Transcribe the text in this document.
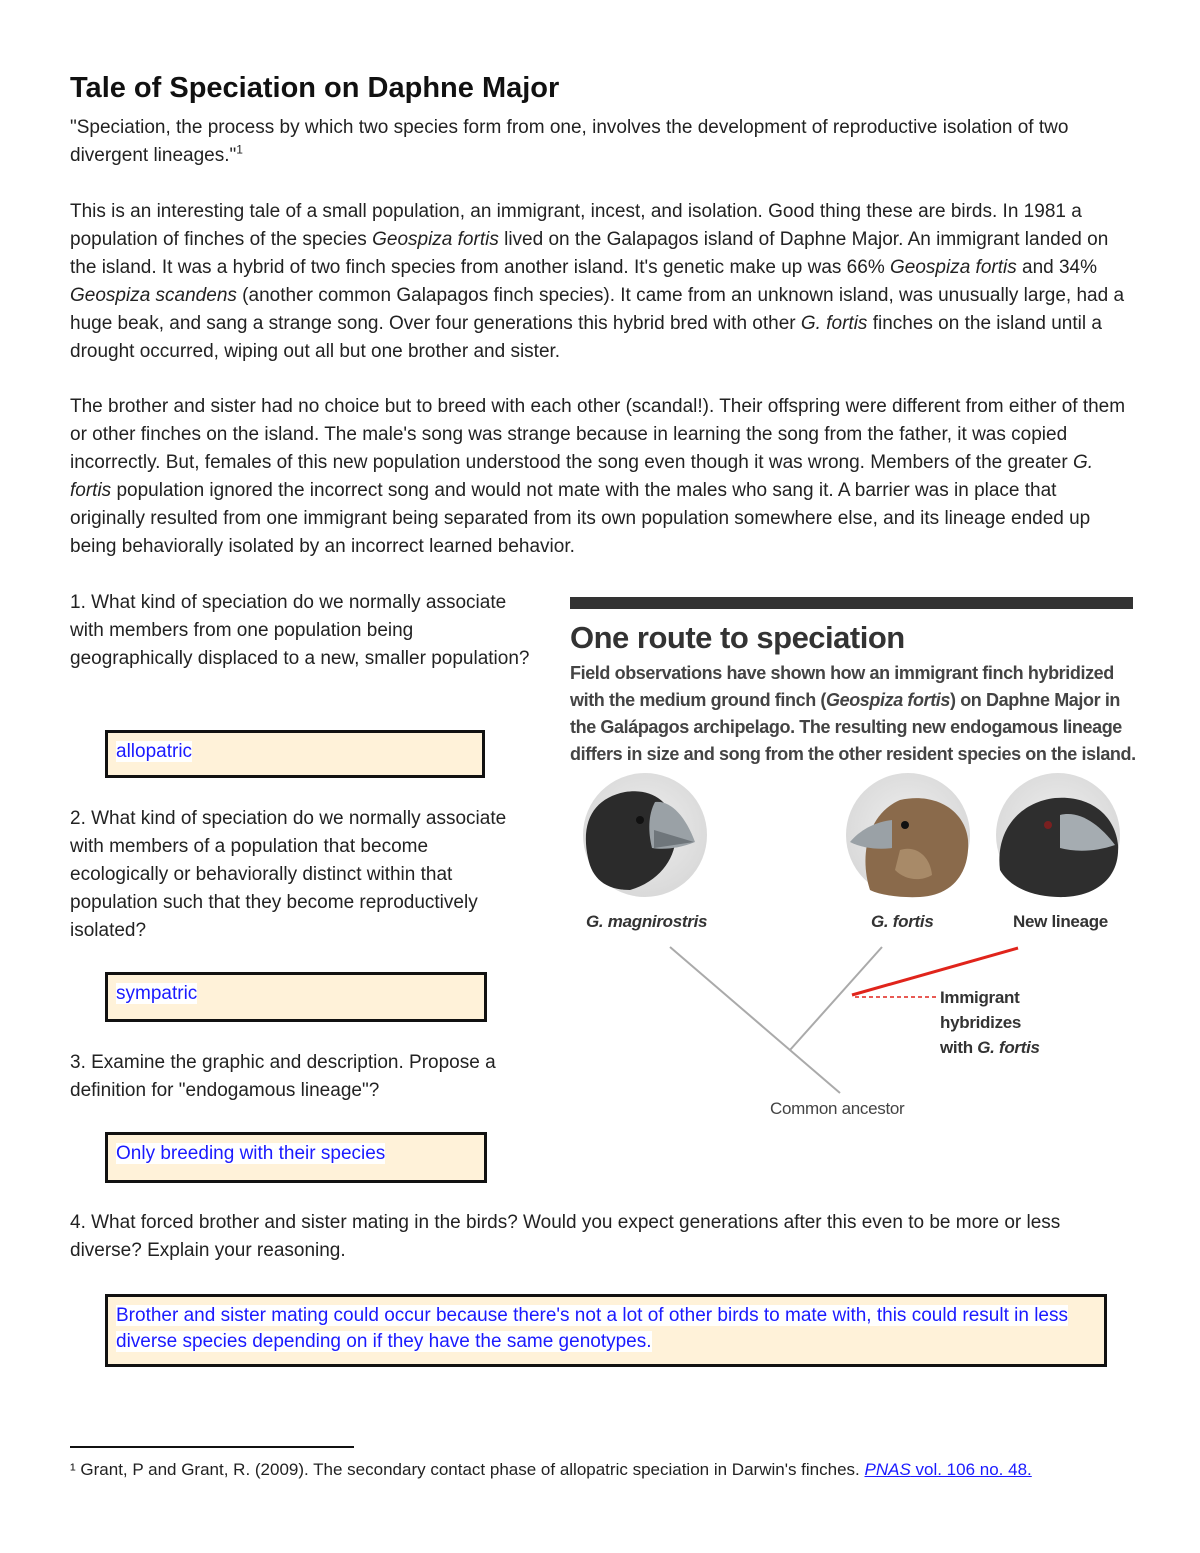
Tale of Speciation on Daphne Major
"Speciation, the process by which two species form from one, involves the development of reproductive isolation of two divergent lineages."$^1$
This is an interesting tale of a small population, an immigrant, incest, and isolation. Good thing these are birds. In 1981 a population of finches of the species Geospiza fortis lived on the Galapagos island of Daphne Major. An immigrant landed on the island. It was a hybrid of two finch species from another island. It's genetic make up was 66% Geospiza fortis and 34% Geospiza scandens (another common Galapagos finch species). It came from an unknown island, was unusually large, had a huge beak, and sang a strange song. Over four generations this hybrid bred with other G. fortis finches on the island until a drought occurred, wiping out all but one brother and sister.
The brother and sister had no choice but to breed with each other (scandal!). Their offspring were different from either of them or other finches on the island. The male's song was strange because in learning the song from the father, it was copied incorrectly. But, females of this new population understood the song even though it was wrong. Members of the greater G. fortis population ignored the incorrect song and would not mate with the males who sang it. A barrier was in place that originally resulted from one immigrant being separated from its own population somewhere else, and its lineage ended up being behaviorally isolated by an incorrect learned behavior.
1. What kind of speciation do we normally associate with members from one population being geographically displaced to a new, smaller population?
allopatric
2. What kind of speciation do we normally associate with members of a population that become ecologically or behaviorally distinct within that population such that they become reproductively isolated?
sympatric
3. Examine the graphic and description. Propose a definition for "endogamous lineage"?
Only breeding with their species
4. What forced brother and sister mating in the birds? Would you expect generations after this even to be more or less diverse? Explain your reasoning.
Brother and sister mating could occur because there's not a lot of other birds to mate with, this could result in less diverse species depending on if they have the same genotypes.
One route to speciation
Field observations have shown how an immigrant finch hybridized with the medium ground finch (Geospiza fortis) on Daphne Major in the Galápagos archipelago. The resulting new endogamous lineage differs in size and song from the other resident species on the island.
G. magnirostris	G. fortis	New lineage
Immigrant
hybridizes
with G. fortis
Common ancestor
¹ Grant, P and Grant, R. (2009). The secondary contact phase of allopatric speciation in Darwin's finches. PNAS vol. 106 no. 48.
